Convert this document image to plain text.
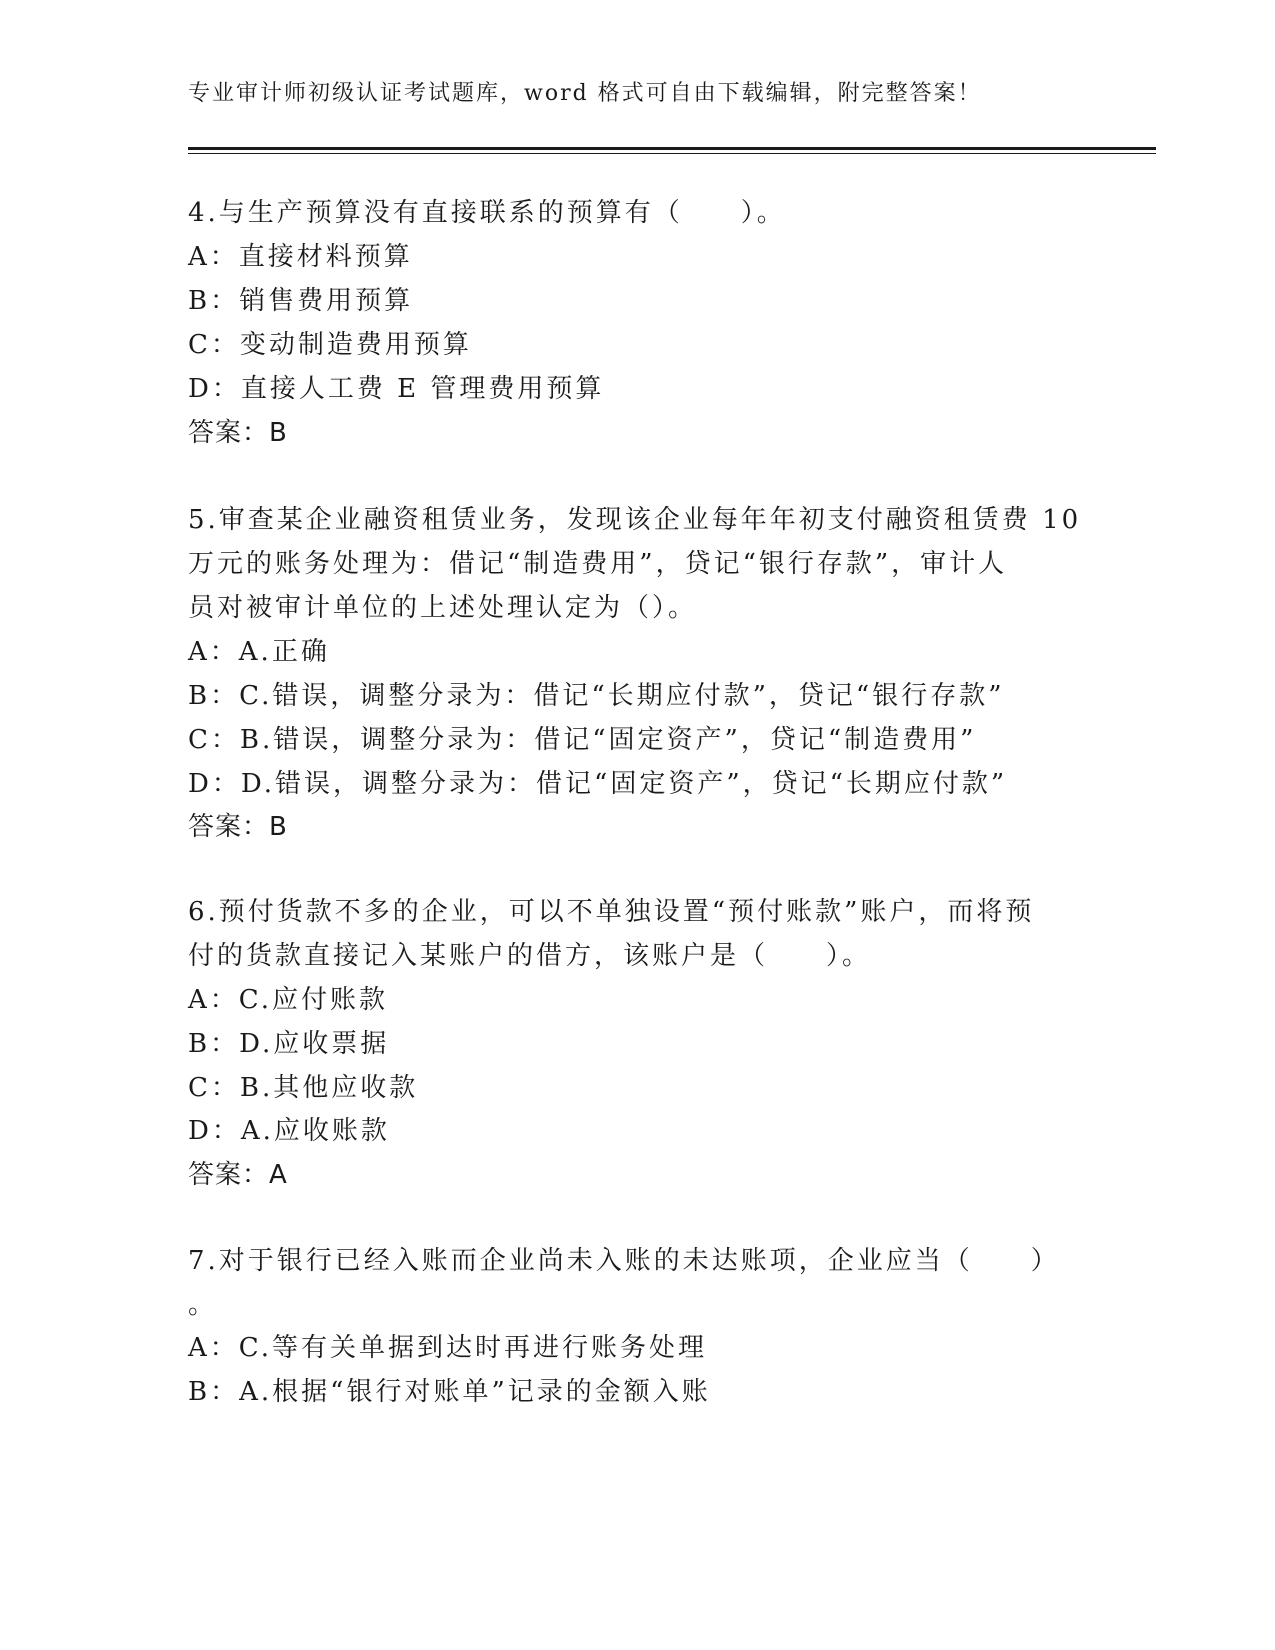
专业审计师初级认证考试题库，word 格式可自由下载编辑，附完整答案！
4.与生产预算没有直接联系的预算有（　　）。
A：直接材料预算
B：销售费用预算
C：变动制造费用预算
D：直接人工费 E 管理费用预算
答案：B
5.审查某企业融资租赁业务，发现该企业每年年初支付融资租赁费 10
万元的账务处理为：借记“制造费用”，贷记“银行存款”，审计人
员对被审计单位的上述处理认定为（）。
A：A.正确
B：C.错误，调整分录为：借记“长期应付款”，贷记“银行存款”
C：B.错误，调整分录为：借记“固定资产”，贷记“制造费用”
D：D.错误，调整分录为：借记“固定资产”，贷记“长期应付款”
答案：B
6.预付货款不多的企业，可以不单独设置“预付账款”账户，而将预
付的货款直接记入某账户的借方，该账户是（　　）。
A：C.应付账款
B：D.应收票据
C：B.其他应收款
D：A.应收账款
答案：A
7.对于银行已经入账而企业尚未入账的未达账项，企业应当（　　）
。
A：C.等有关单据到达时再进行账务处理
B：A.根据“银行对账单”记录的金额入账
